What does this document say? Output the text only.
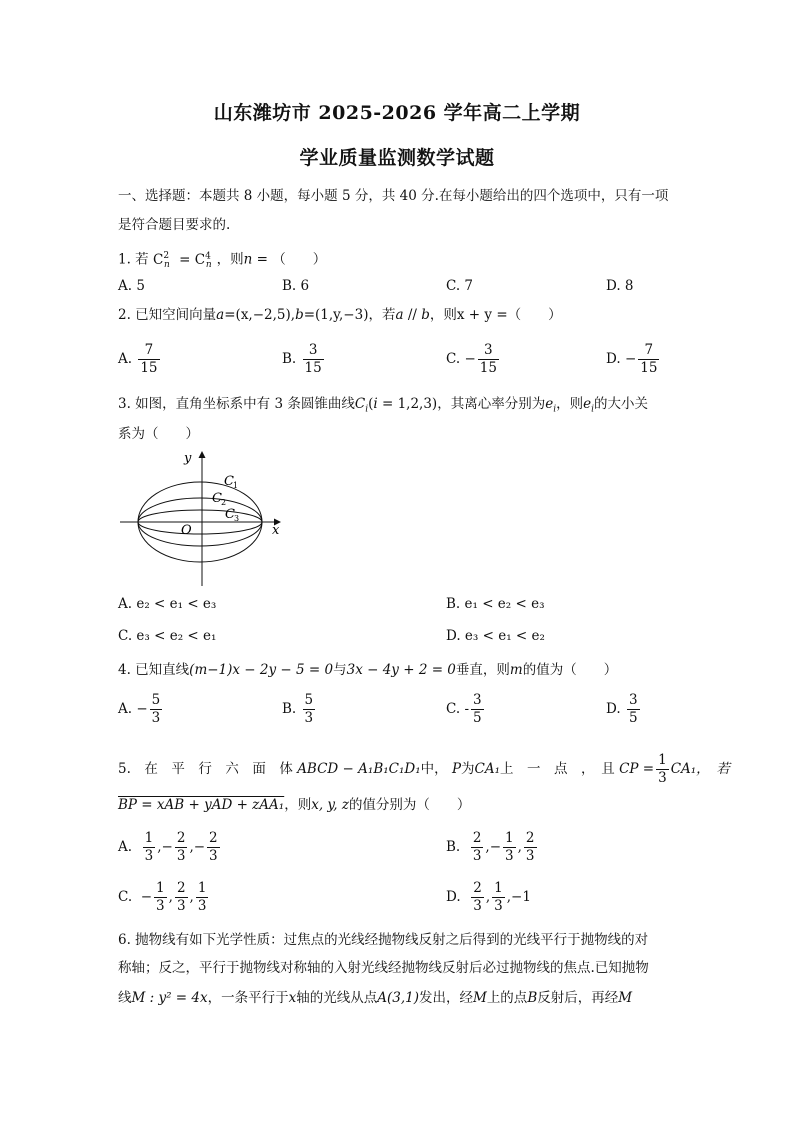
山东潍坊市 2025-2026 学年高二上学期
学业质量监测数学试题
一、选择题：本题共 8 小题，每小题 5 分，共 40 分.在每小题给出的四个选项中，只有一项
是符合题目要求的.
1. 若 $C^2_n = C^4_n$ ，则n = （　　）
A. 5	B. 6	C. 7	D. 8
2. 已知空间向量a=(x,−2,5),b=(1,y,−3)，若a // b，则x + y =（　　）
A. $\frac{7}{15}$	B. $\frac{3}{15}$	C. − $\frac{3}{15}$	D. − $\frac{7}{15}$
3. 如图，直角坐标系中有 3 条圆锥曲线$C_i(i = 1,2,3)$，其离心率分别为$e_i$，则$e_i$的大小关
系为（　　）
y
x
O
C 1
C 2
C 3
A. e₂ < e₁ < e₃	B. e₁ < e₂ < e₃
C. e₃ < e₂ < e₁	D. e₃ < e₁ < e₂
4. 已知直线(m−1)x − 2y − 5 = 0与3x − 4y + 2 = 0垂直，则m的值为（　　）
A. − $\frac{5}{3}$	B. $\frac{5}{3}$	C. - $\frac{3}{5}$	D. $\frac{3}{5}$
5.　在　平　行　六　面　体 ABCD − A₁B₁C₁D₁中， P为CA₁上　一　点　，　且 CP = $\frac{1}{3} CA_1$，　若
BP = xAB + yAD + zAA₁，则x, y, z的值分别为（　　）
A. $\frac{1}{3}$ ,− $\frac{2}{3}$ ,− $\frac{2}{3}$	B. $\frac{2}{3}$ ,− $\frac{1}{3}$ , $\frac{2}{3}$
C. − $\frac{1}{3}$ , $\frac{2}{3}$ , $\frac{1}{3}$	D. $\frac{2}{3}$ , $\frac{1}{3} ,-1$
6. 抛物线有如下光学性质：过焦点的光线经抛物线反射之后得到的光线平行于抛物线的对
称轴；反之，平行于抛物线对称轴的入射光线经抛物线反射后必过抛物线的焦点.已知抛物
线M : y² = 4x，一条平行于x轴的光线从点A(3,1)发出，经M上的点B反射后，再经M
